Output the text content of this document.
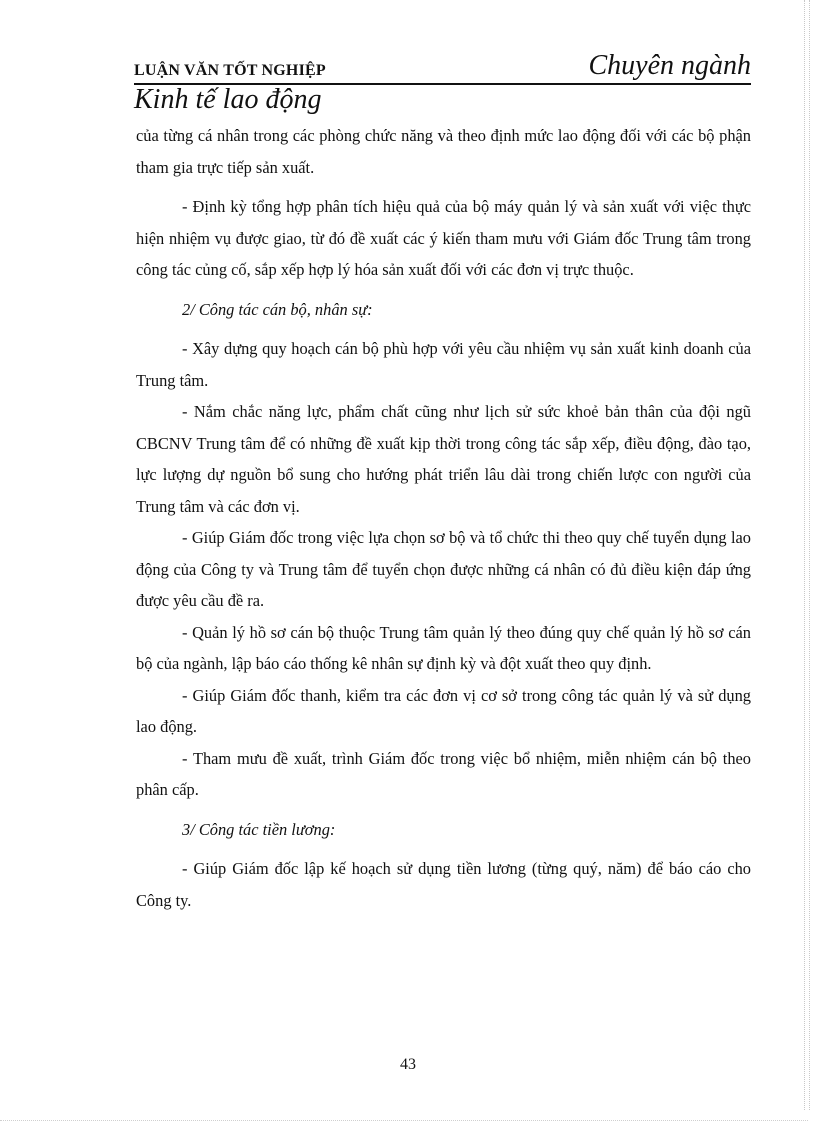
LUẬN VĂN TỐT NGHIỆP	Chuyên ngành
Kinh tế lao động

của từng cá nhân trong các phòng chức năng và theo định mức lao động đối với các bộ phận tham gia trực tiếp sản xuất.

- Định kỳ tổng hợp phân tích hiệu quả của bộ máy quản lý và sản xuất với việc thực hiện nhiệm vụ được giao, từ đó đề xuất các ý kiến tham mưu với Giám đốc Trung tâm trong công tác củng cố, sắp xếp hợp lý hóa sản xuất đối với các đơn vị trực thuộc.

2/ Công tác cán bộ, nhân sự:

- Xây dựng quy hoạch cán bộ phù hợp với yêu cầu nhiệm vụ sản xuất kinh doanh của Trung tâm.

- Nắm chắc năng lực, phẩm chất cũng như lịch sử sức khoẻ bản thân của đội ngũ CBCNV Trung tâm để có những đề xuất kịp thời trong công tác sắp xếp, điều động, đào tạo, lực lượng dự nguồn bổ sung cho hướng phát triển lâu dài trong chiến lược con người của Trung tâm và các đơn vị.

- Giúp Giám đốc trong việc lựa chọn sơ bộ và tổ chức thi theo quy chế tuyển dụng lao động của Công ty và Trung tâm để tuyển chọn được những cá nhân có đủ điều kiện đáp ứng được yêu cầu đề ra.

- Quản lý hồ sơ cán bộ thuộc Trung tâm quản lý theo đúng quy chế quản lý hồ sơ cán bộ của ngành, lập báo cáo thống kê nhân sự định kỳ và đột xuất theo quy định.

- Giúp Giám đốc thanh, kiểm tra các đơn vị cơ sở trong công tác quản lý và sử dụng lao động.

- Tham mưu đề xuất, trình Giám đốc trong việc bổ nhiệm, miễn nhiệm cán bộ theo phân cấp.

3/ Công tác tiền lương:

- Giúp Giám đốc lập kế hoạch sử dụng tiền lương (từng quý, năm) để báo cáo cho Công ty.

43
